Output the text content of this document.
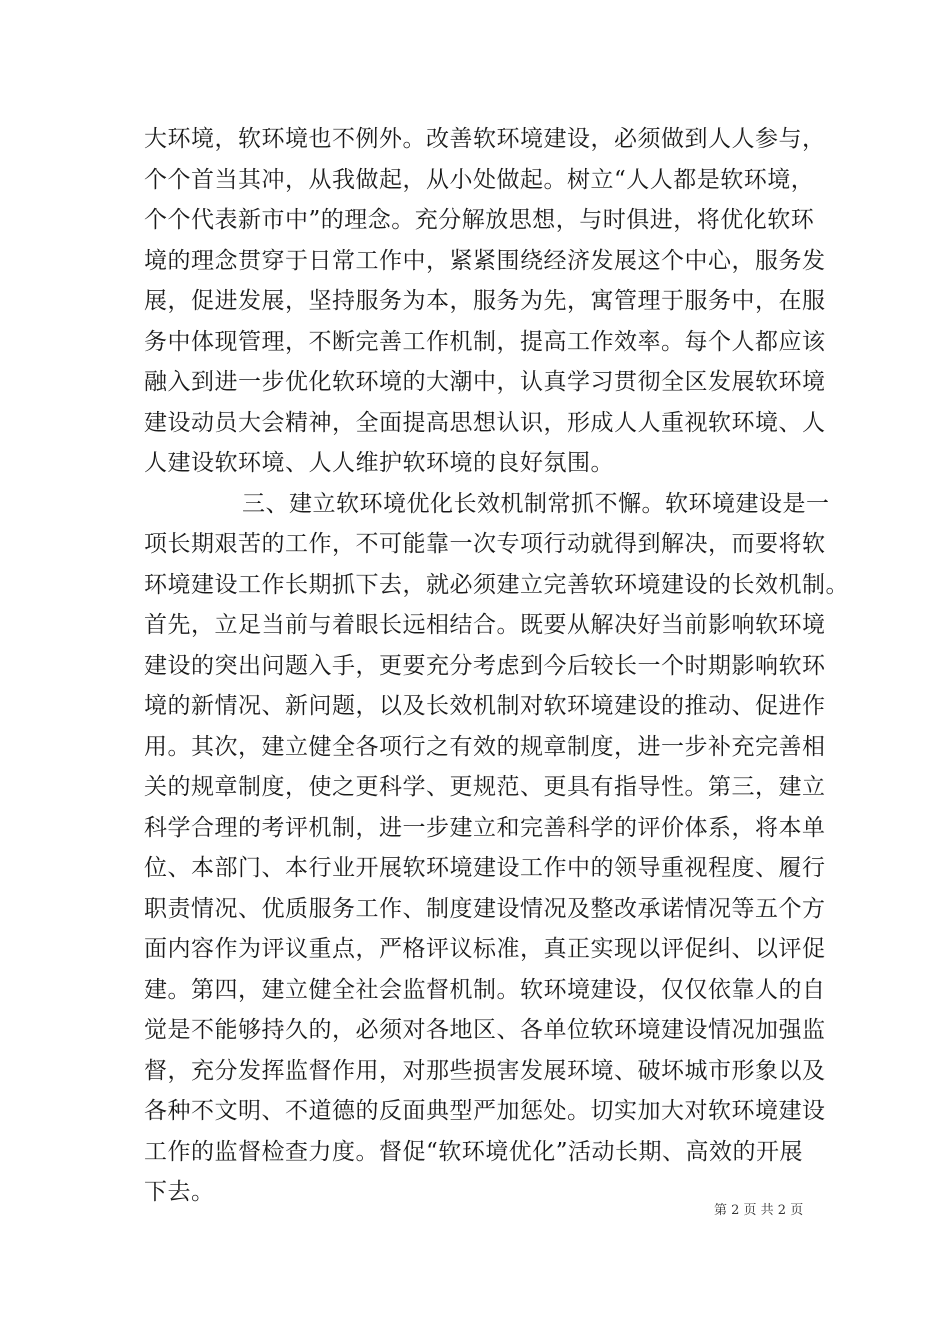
大环境，软环境也不例外。改善软环境建设，必须做到人人参与，
个个首当其冲，从我做起，从小处做起。树立“人人都是软环境，
个个代表新市中”的理念。充分解放思想，与时俱进，将优化软环
境的理念贯穿于日常工作中，紧紧围绕经济发展这个中心，服务发
展，促进发展，坚持服务为本，服务为先，寓管理于服务中，在服
务中体现管理，不断完善工作机制，提高工作效率。每个人都应该
融入到进一步优化软环境的大潮中，认真学习贯彻全区发展软环境
建设动员大会精神，全面提高思想认识，形成人人重视软环境、人
人建设软环境、人人维护软环境的良好氛围。
三、建立软环境优化长效机制常抓不懈。软环境建设是一
项长期艰苦的工作，不可能靠一次专项行动就得到解决，而要将软
环境建设工作长期抓下去，就必须建立完善软环境建设的长效机制。
首先，立足当前与着眼长远相结合。既要从解决好当前影响软环境
建设的突出问题入手，更要充分考虑到今后较长一个时期影响软环
境的新情况、新问题，以及长效机制对软环境建设的推动、促进作
用。其次，建立健全各项行之有效的规章制度，进一步补充完善相
关的规章制度，使之更科学、更规范、更具有指导性。第三，建立
科学合理的考评机制，进一步建立和完善科学的评价体系，将本单
位、本部门、本行业开展软环境建设工作中的领导重视程度、履行
职责情况、优质服务工作、制度建设情况及整改承诺情况等五个方
面内容作为评议重点，严格评议标准，真正实现以评促纠、以评促
建。第四，建立健全社会监督机制。软环境建设，仅仅依靠人的自
觉是不能够持久的，必须对各地区、各单位软环境建设情况加强监
督，充分发挥监督作用，对那些损害发展环境、破坏城市形象以及
各种不文明、不道德的反面典型严加惩处。切实加大对软环境建设
工作的监督检查力度。督促“软环境优化”活动长期、高效的开展
下去。
第 2 页 共 2 页
